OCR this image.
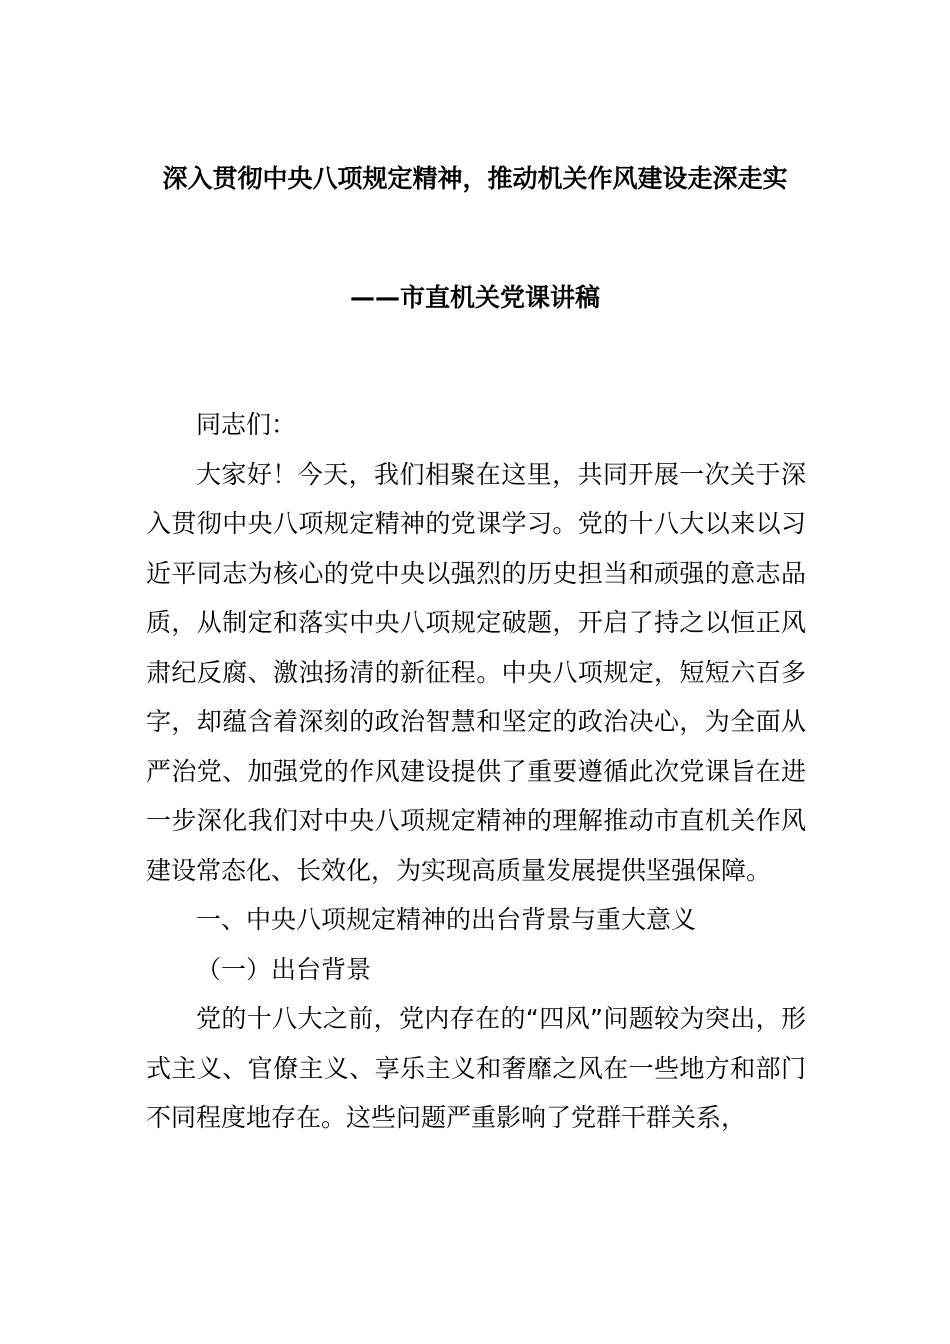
深入贯彻中央八项规定精神，推动机关作风建设走深走实
——市直机关党课讲稿

同志们：

大家好！今天，我们相聚在这里，共同开展一次关于深入贯彻中央八项规定精神的党课学习。党的十八大以来以习近平同志为核心的党中央以强烈的历史担当和顽强的意志品质，从制定和落实中央八项规定破题，开启了持之以恒正风肃纪反腐、激浊扬清的新征程。中央八项规定，短短六百多字，却蕴含着深刻的政治智慧和坚定的政治决心，为全面从严治党、加强党的作风建设提供了重要遵循此次党课旨在进一步深化我们对中央八项规定精神的理解推动市直机关作风建设常态化、长效化，为实现高质量发展提供坚强保障。

一、中央八项规定精神的出台背景与重大意义

（一）出台背景

党的十八大之前，党内存在的“四风”问题较为突出，形式主义、官僚主义、享乐主义和奢靡之风在一些地方和部门不同程度地存在。这些问题严重影响了党群干群关系，
